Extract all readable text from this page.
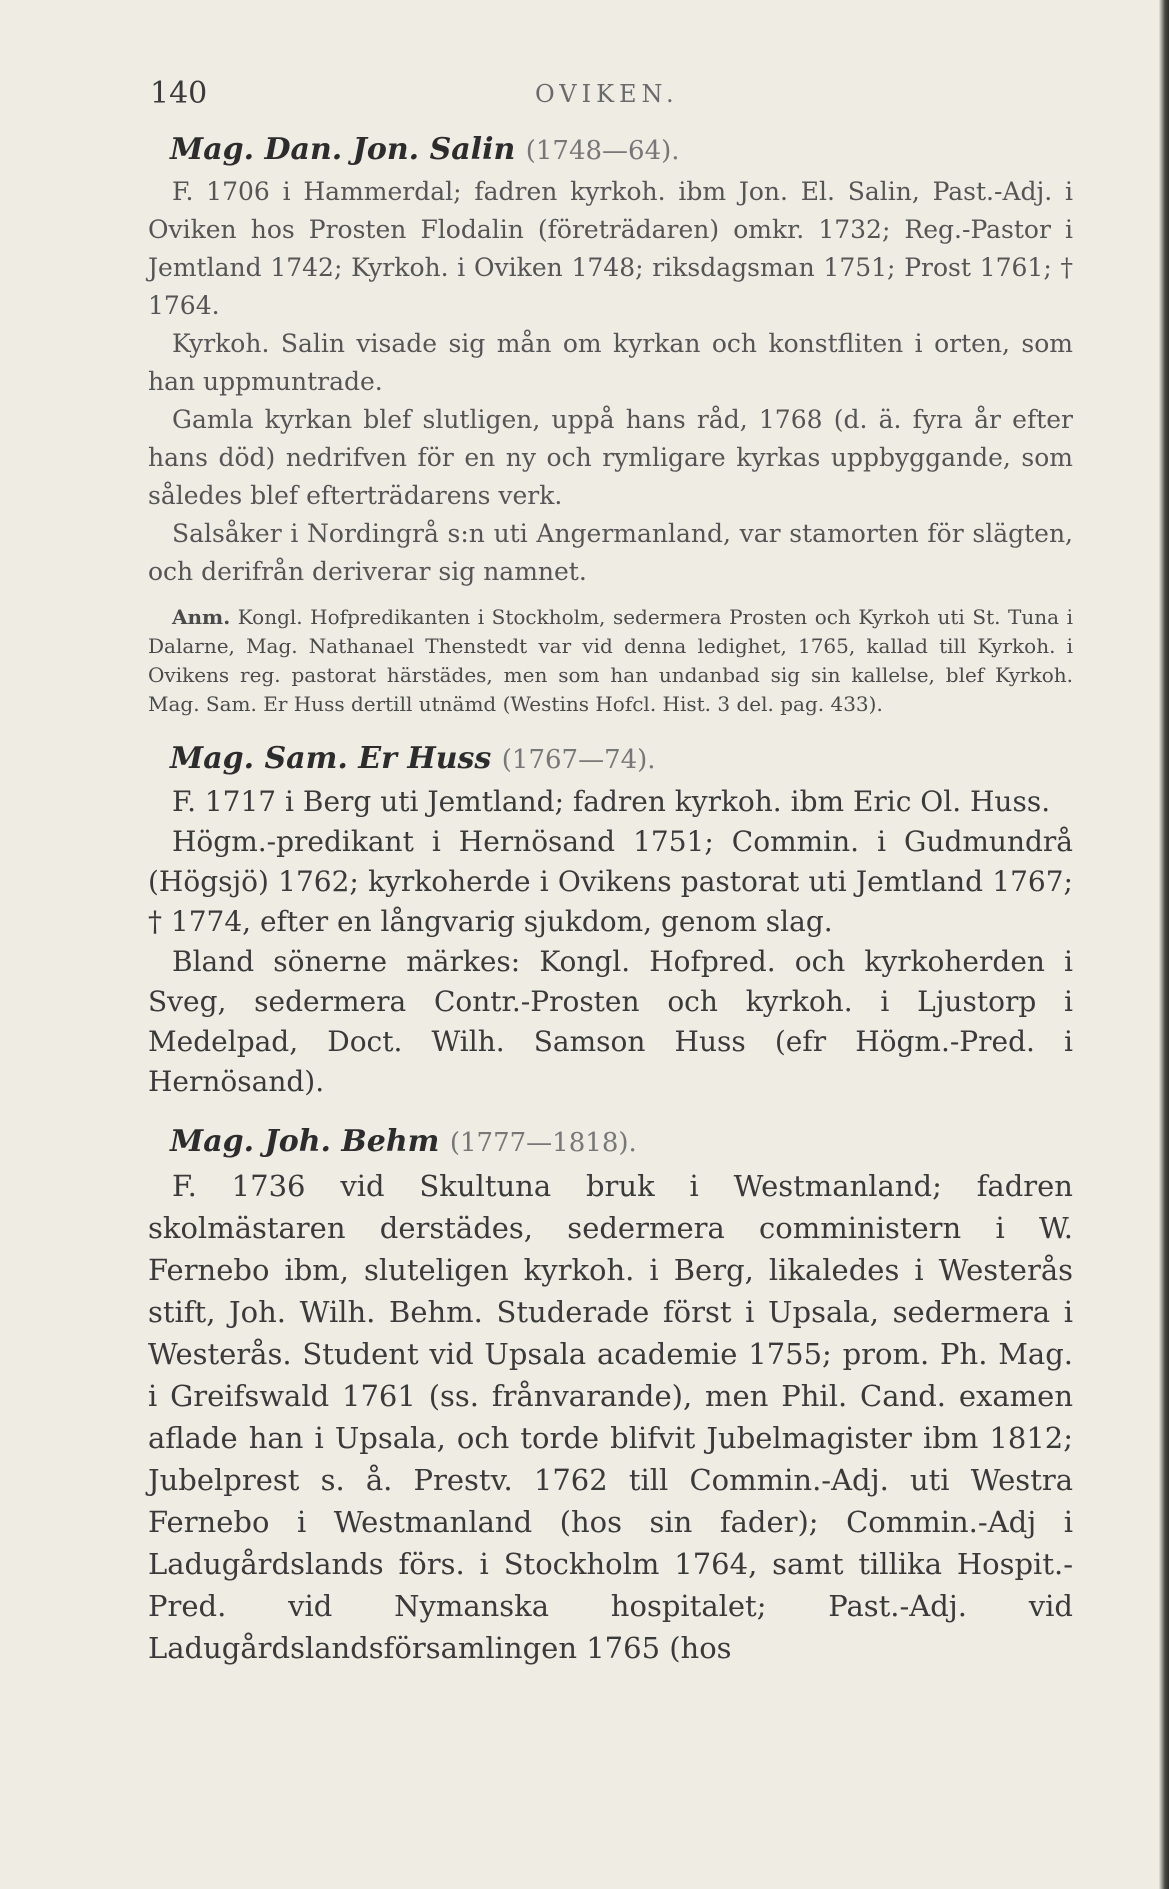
140	OVIKEN.
Mag. Dan. Jon. Salin (1748—64).

F. 1706 i Hammerdal; fadren kyrkoh. ibm Jon. El. Salin, Past.-Adj. i Oviken hos Prosten Flodalin (företrädaren) omkr. 1732; Reg.-Pastor i Jemtland 1742; Kyrkoh. i Oviken 1748; riksdagsman 1751; Prost 1761; † 1764.

Kyrkoh. Salin visade sig mån om kyrkan och konstfliten i orten, som han uppmuntrade.

Gamla kyrkan blef slutligen, uppå hans råd, 1768 (d. ä. fyra år efter hans död) nedrifven för en ny och rymligare kyrkas uppbyggande, som således blef efterträdarens verk.

Salsåker i Nordingrå s:n uti Angermanland, var stamorten för slägten, och derifrån deriverar sig namnet.

Anm. Kongl. Hofpredikanten i Stockholm, sedermera Prosten och Kyrkoh uti St. Tuna i Dalarne, Mag. Nathanael Thenstedt var vid denna ledighet, 1765, kallad till Kyrkoh. i Ovikens reg. pastorat härstädes, men som han undanbad sig sin kallelse, blef Kyrkoh. Mag. Sam. Er Huss dertill utnämd (Westins Hofcl. Hist. 3 del. pag. 433).

Mag. Sam. Er Huss (1767—74).

F. 1717 i Berg uti Jemtland; fadren kyrkoh. ibm Eric Ol. Huss.

Högm.-predikant i Hernösand 1751; Commin. i Gudmundrå (Högsjö) 1762; kyrkoherde i Ovikens pastorat uti Jemtland 1767; † 1774, efter en långvarig sjukdom, genom slag.

Bland sönerne märkes: Kongl. Hofpred. och kyrkoherden i Sveg, sedermera Contr.-Prosten och kyrkoh. i Ljustorp i Medelpad, Doct. Wilh. Samson Huss (efr Högm.-Pred. i Hernösand).

Mag. Joh. Behm (1777—1818).

F. 1736 vid Skultuna bruk i Westmanland; fadren skolmästaren derstädes, sedermera comministern i W. Fernebo ibm, sluteligen kyrkoh. i Berg, likaledes i Westerås stift, Joh. Wilh. Behm. Studerade först i Upsala, sedermera i Westerås. Student vid Upsala academie 1755; prom. Ph. Mag. i Greifswald 1761 (ss. frånvarande), men Phil. Cand. examen aflade han i Upsala, och torde blifvit Jubelmagister ibm 1812; Jubelprest s. å. Prestv. 1762 till Commin.-Adj. uti Westra Fernebo i Westmanland (hos sin fader); Commin.-Adj i Ladugårdslands förs. i Stockholm 1764, samt tillika Hospit.-Pred. vid Nymanska hospitalet; Past.-Adj. vid Ladugårdslandsförsamlingen 1765 (hos
